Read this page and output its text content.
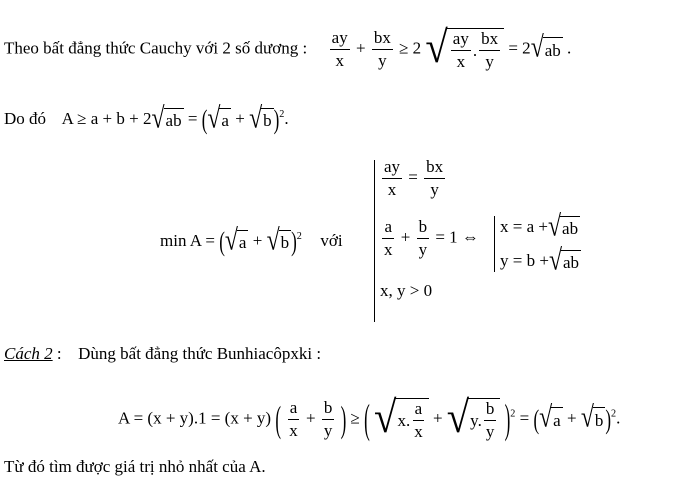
Theo bất đẳng thức Cauchy với 2 số dương : $\frac{ay}{x} + \frac{bx}{y} \ge 2$ √ $\frac{ay}{x}$ . $\frac{bx}{y} = 2$ √ ab .
Do đó A ≥ a + b + 2 √ ab = ( √ a + √ b )$^2$.
min A = ( √ a + √ b )$^2$ với
$\frac{ay}{x} = \frac{bx}{y}$
$\frac{a}{x} + \frac{b}{y} = 1$ ⇔
x, y > 0
x = a + √ ab
y = b + √ ab
Cách 2 : Dùng bất đẳng thức Bunhiacôpxki :
A = (x + y).1 = (x + y) ( $\frac{a}{x} + \frac{b}{y}$ ) ≥ ( √ x. $\frac{a}{x}$ + √ y. $\frac{b}{y} )^2$ = ( √ a + √ b )$^2$.
Từ đó tìm được giá trị nhỏ nhất của A.
